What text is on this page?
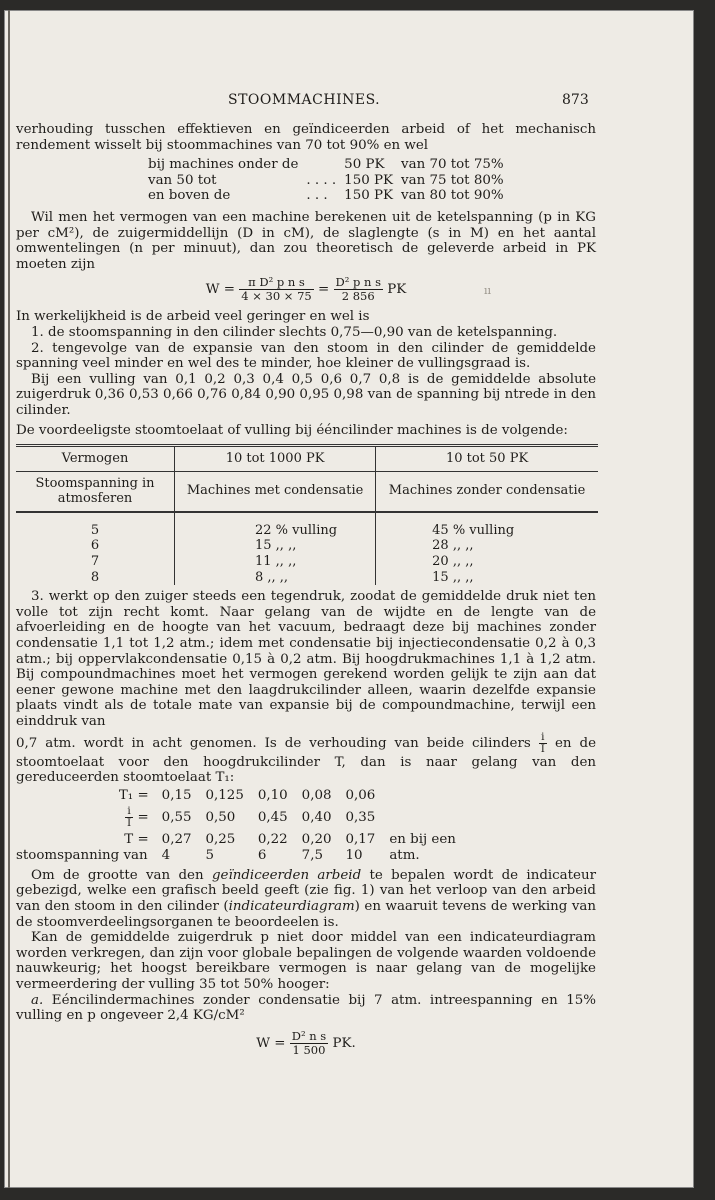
STOOMMACHINES.	873
ıı

verhouding tusschen effektieven en geïndiceerden arbeid of het mechanisch rendement wisselt bij stoommachines van 70 tot 90% en wel

bij machines onder de		50 PK	van 70 tot 75%
van 50 tot	. . . .	150 PK	van 75 tot 80%
en boven de	. . .	150 PK	van 80 tot 90%

Wil men het vermogen van een machine berekenen uit de ketelspanning (p in KG per cM²), de zuigermiddellijn (D in cM), de slaglengte (s in M) en het aantal omwentelingen (n per minuut), dan zou theoretisch de geleverde arbeid in PK moeten zijn

$W = \frac{\text{π D² p n s}}{4 \times 30 \times 75} = \frac{\text{D² p n s}}{2 856}$ PK

In werkelijkheid is de arbeid veel geringer en wel is

1. de stoomspanning in den cilinder slechts 0,75—0,90 van de ketelspanning.

2. tengevolge van de expansie van den stoom in den cilinder de gemiddelde spanning veel minder en wel des te minder, hoe kleiner de vullingsgraad is.

Bij een vulling van 0,1 0,2 0,3 0,4 0,5 0,6 0,7 0,8 is de gemiddelde absolute zuigerdruk 0,36 0,53 0,66 0,76 0,84 0,90 0,95 0,98 van de spanning bij ntrede in den cilinder.

De voordeeligste stoomtoelaat of vulling bij ééncilinder machines is de volgende:

Vermogen	10 tot 1000 PK	10 tot 50 PK
Stoomspanning in atmosferen	Machines met condensatie	Machines zonder condensatie

5	22 % vulling	45 % vulling
6	15 ,, ,,	28 ,, ,,
7	11 ,, ,,	20 ,, ,,
8	8 ,, ,,	15 ,, ,,

3. werkt op den zuiger steeds een tegendruk, zoodat de gemiddelde druk niet ten volle tot zijn recht komt. Naar gelang van de wijdte en de lengte van de afvoerleiding en de hoogte van het vacuum, bedraagt deze bij machines zonder condensatie 1,1 tot 1,2 atm.; idem met condensatie bij injectiecondensatie 0,2 à 0,3 atm.; bij oppervlakcondensatie 0,15 à 0,2 atm. Bij hoogdrukmachines 1,1 à 1,2 atm. Bij compoundmachines moet het vermogen gerekend worden gelijk te zijn aan dat eener gewone machine met den laagdrukcilinder alleen, waarin dezelfde expansie plaats vindt als de totale mate van expansie bij de compoundmachine, terwijl een einddruk van

0,7 atm. wordt in acht genomen. Is de verhouding van beide cilinders $\frac{i}{I}$ en de stoomtoelaat voor den hoogdrukcilinder T, dan is naar gelang van den gereduceerden stoomtoelaat T₁:

T₁ =	0,15	0,125	0,10	0,08	0,06	

$\frac{i}{I}$ =	0,55	0,50	0,45	0,40	0,35	
T =	0,27	0,25	0,22	0,20	0,17	en bij een
stoomspanning van	4	5	6	7,5	10	atm.

Om de grootte van den geïndiceerden arbeid te bepalen wordt de indicateur gebezigd, welke een grafisch beeld geeft (zie fig. 1) van het verloop van den arbeid van den stoom in den cilinder (indicateurdiagram) en waaruit tevens de werking van de stoomverdeelingsorganen te beoordeelen is.

Kan de gemiddelde zuigerdruk p niet door middel van een indicateurdiagram worden verkregen, dan zijn voor globale bepalingen de volgende waarden voldoende nauwkeurig; het hoogst bereikbare vermogen is naar gelang van de mogelijke vermeerdering der vulling 35 tot 50% hooger:

a. Eéncilindermachines zonder condensatie bij 7 atm. intreespanning en 15% vulling en p ongeveer 2,4 KG/cM²

$W = \frac{\text{D² n s}}{1 500}$ PK.
